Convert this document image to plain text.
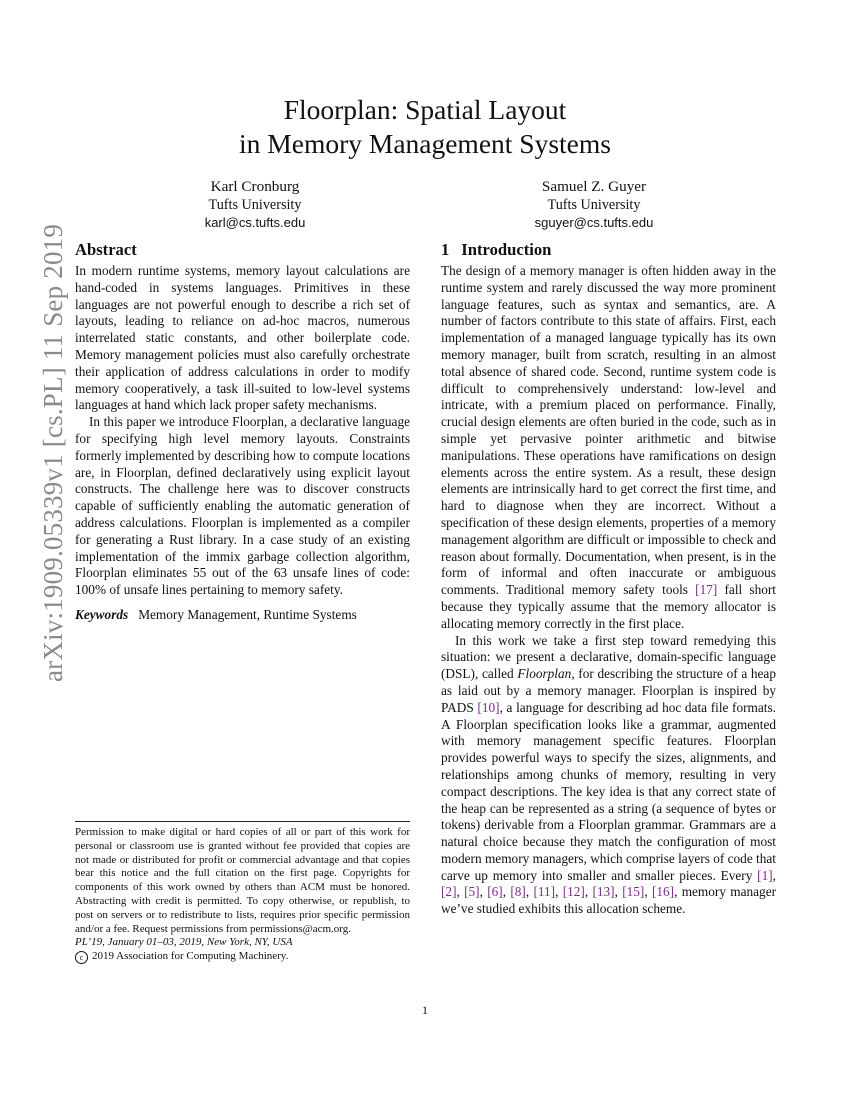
arXiv:1909.05339v1 [cs.PL] 11 Sep 2019
Floorplan: Spatial Layout
in Memory Management Systems
Karl Cronburg
Tufts University
karl@cs.tufts.edu
Samuel Z. Guyer
Tufts University
sguyer@cs.tufts.edu
Abstract

In modern runtime systems, memory layout calculations are hand-coded in systems languages. Primitives in these languages are not powerful enough to describe a rich set of layouts, leading to reliance on ad-hoc macros, numerous interrelated static constants, and other boilerplate code. Memory management policies must also carefully orchestrate their application of address calculations in order to modify memory cooperatively, a task ill-suited to low-level systems languages at hand which lack proper safety mechanisms.

In this paper we introduce Floorplan, a declarative language for specifying high level memory layouts. Constraints formerly implemented by describing how to compute locations are, in Floorplan, defined declaratively using explicit layout constructs. The challenge here was to discover constructs capable of sufficiently enabling the automatic generation of address calculations. Floorplan is implemented as a compiler for generating a Rust library. In a case study of an existing implementation of the immix garbage collection algorithm, Floorplan eliminates 55 out of the 63 unsafe lines of code: 100% of unsafe lines pertaining to memory safety.

Keywords Memory Management, Runtime Systems

Permission to make digital or hard copies of all or part of this work for personal or classroom use is granted without fee provided that copies are not made or distributed for profit or commercial advantage and that copies bear this notice and the full citation on the first page. Copyrights for components of this work owned by others than ACM must be honored. Abstracting with credit is permitted. To copy otherwise, or republish, to post on servers or to redistribute to lists, requires prior specific permission and/or a fee. Request permissions from permissions@acm.org.
PL’19, January 01–03, 2019, New York, NY, USA
c 2019 Association for Computing Machinery.
1 Introduction

The design of a memory manager is often hidden away in the runtime system and rarely discussed the way more prominent language features, such as syntax and semantics, are. A number of factors contribute to this state of affairs. First, each implementation of a managed language typically has its own memory manager, built from scratch, resulting in an almost total absence of shared code. Second, runtime system code is difficult to comprehensively understand: low-level and intricate, with a premium placed on performance. Finally, crucial design elements are often buried in the code, such as in simple yet pervasive pointer arithmetic and bitwise manipulations. These operations have ramifications on design elements across the entire system. As a result, these design elements are intrinsically hard to get correct the first time, and hard to diagnose when they are incorrect. Without a specification of these design elements, properties of a memory management algorithm are difficult or impossible to check and reason about formally. Documentation, when present, is in the form of informal and often inaccurate or ambiguous comments. Traditional memory safety tools [17] fall short because they typically assume that the memory allocator is allocating memory correctly in the first place.

In this work we take a first step toward remedying this situation: we present a declarative, domain-specific language (DSL), called Floorplan, for describing the structure of a heap as laid out by a memory manager. Floorplan is inspired by PADS [10], a language for describing ad hoc data file formats. A Floorplan specification looks like a grammar, augmented with memory management specific features. Floorplan provides powerful ways to specify the sizes, alignments, and relationships among chunks of memory, resulting in very compact descriptions. The key idea is that any correct state of the heap can be represented as a string (a sequence of bytes or tokens) derivable from a Floorplan grammar. Grammars are a natural choice because they match the configuration of most modern memory managers, which comprise layers of code that carve up memory into smaller and smaller pieces. Every [1], [2], [5], [6], [8], [11], [12], [13], [15], [16], memory manager we’ve studied exhibits this allocation scheme.

1
